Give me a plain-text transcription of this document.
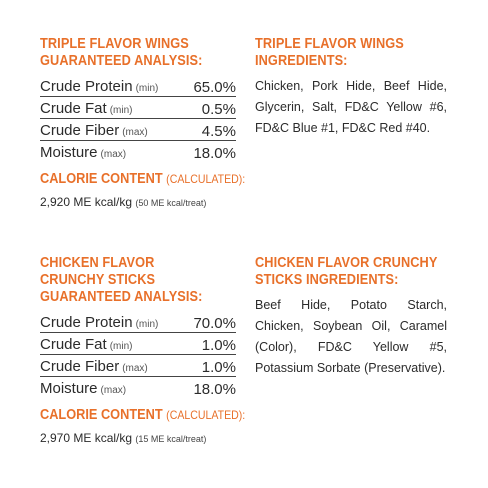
TRIPLE FLAVOR WINGS
GUARANTEED ANALYSIS:
Crude Protein (min)	65.0%
Crude Fat (min)	0.5%
Crude Fiber (max)	4.5%
Moisture (max)	18.0%
CALORIE CONTENT (CALCULATED):
2,920 ME kcal/kg (50 ME kcal/treat)
TRIPLE FLAVOR WINGS
INGREDIENTS:
Chicken, Pork Hide, Beef Hide, Glycerin, Salt, FD&C Yellow #6, FD&C Blue #1, FD&C Red #40.
CHICKEN FLAVOR
CRUNCHY STICKS
GUARANTEED ANALYSIS:
Crude Protein (min)	70.0%
Crude Fat (min)	1.0%
Crude Fiber (max)	1.0%
Moisture (max)	18.0%
CALORIE CONTENT (CALCULATED):
2,970 ME kcal/kg (15 ME kcal/treat)
CHICKEN FLAVOR CRUNCHY
STICKS INGREDIENTS:
Beef Hide, Potato Starch, Chicken, Soybean Oil, Caramel (Color), FD&C Yellow #5, Potassium Sorbate (Preservative).
